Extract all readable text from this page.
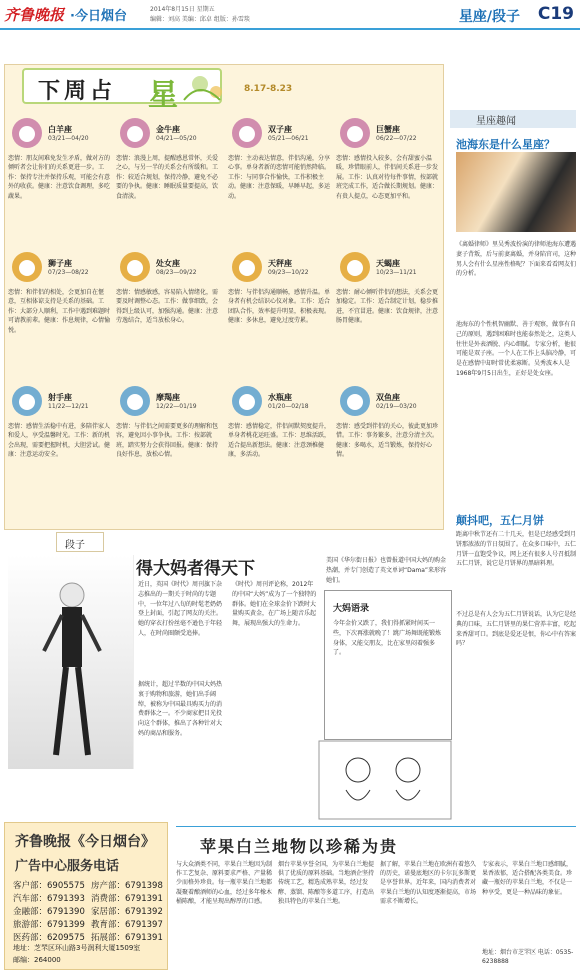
齐鲁晚报 ·今日烟台	2014年8月15日 星期五
编辑：刘高 美编：邱卓 组版：孙雪琰	星座/段子 C19
下周占 星	8.17-8.23
白羊座
03/21—04/20
恋情：朋友间难免发生矛盾，做对方的倾听者会让你们的关系更进一步。工作：保持专注并保持乐观，可能会有意外的收获。健康：注意饮食调理，多吃蔬果。
金牛座
04/21—05/20
恋情：浪漫上周，提醒感恩常怀，关爱之心，与另一半的关系会有所缓和。工作：较适合规划，保持冷静，避免不必要的争执。健康：睡眠质量要提高，饮食清淡。
双子座
05/21—06/21
恋情：主动表达情意，伴侣沟通，分享心事。单身者新的恋情可能悄然降临。工作：与同事合作愉快，工作积极主动。健康：注意保暖，早睡早起，多运动。
巨蟹座
06/22—07/22
恋情：感情投入较多，会有甜蜜小温暖，珍惜眼前人，伴侣间关系进一步发展。工作：认真对待每件事情，按部就班完成工作，适合做长期规划。健康：有贵人提点，心态更加平和。
狮子座
07/23—08/22
恋情：和伴侣的相处，会更加自在惬意，互相体谅支持是关系的基础。工作：大部分人顺利，工作中遇到难题时可请教前辈。健康：作息规律，心情愉悦。
处女座
08/23—09/22
恋情：情感敏感，容易陷入情绪化，需要及时调整心态。工作：做事细致，会得到上级认可，加强沟通。健康：注意劳逸结合，适当放松身心。
天秤座
09/23—10/22
恋情：与伴侣沟通顺畅，感情升温。单身者有机会结识心仪对象。工作：适合团队合作，效率提升明显，积极表现。健康：多休息，避免过度劳累。
天蝎座
10/23—11/21
恋情：耐心倾听伴侣的想法，关系会更加稳定。工作：适合制定计划，稳步推进，不宜冒进。健康：饮食规律，注意肠胃健康。
射手座
11/22—12/21
恋情：感情生活稳中有进，多陪伴家人和爱人，享受温馨时光。工作：新的机会出现，需要把握时机，大胆尝试。健康：注意运动安全。
摩羯座
12/22—01/19
恋情：与伴侣之间需要更多的理解和包容，避免因小事争执。工作：按部就班，踏实努力会获得回报。健康：保持良好作息，放松心情。
水瓶座
01/20—02/18
恋情：感情稳定，伴侣间默契度提升，单身者桃花运旺盛。工作：思维活跃，适合提出新想法。健康：注意颈椎健康，多活动。
双鱼座
02/19—03/20
恋情：感受到伴侣的关心，彼此更加珍惜。工作：事务繁多，注意分清主次。健康：多喝水，适当锻炼，保持好心情。
星座趣闻
池海东是什么星座？
《离婚律师》里吴秀波扮演的律师池海东遭遇妻子背叛，后与前妻离婚，并身陷官司，这种男人会有什么星座性格呢？下面来看看网友们的分析。
池海东的个性机智幽默、善于观察，做事有自己的原则，遇到困难时也能泰然处之，这类人往往是外表洒脱、内心细腻。专家分析，他很可能是双子座。一个人在工作上头脑冷静，可是在感情中却时常优柔寡断。吴秀波本人是1968年9月5日出生，正好是处女座。
颠抖吧，五仁月饼
距离中秋节还有二十几天，但是已经感受到月饼那浓浓的节日氛围了。在众多口味中，五仁月饼一直饱受争议，网上还有很多人号召抵制五仁月饼，说它是月饼界的黑暗料理。
不过总是有人会为五仁月饼说话，认为它是经典的口味，五仁月饼里的果仁营养丰富，吃起来香甜可口。到底是爱还是恨，你心中有答案吗？
段子
得大妈者得天下
近日，英国《时代》周刊旗下杂志推出的一期关于时尚的专题中，一位年过八旬的时髦老奶奶登上封面，引起了网友的关注。她的穿衣打扮丝毫不逊色于年轻人，在时尚圈颇受追捧。
据统计，超过半数的中国大妈热衷于购物和旅游，她们出手阔绰，被称为中国最具购买力的消费群体之一。不少商家把目光投向这个群体，推出了各种针对大妈的商品和服务。
《时代》周刊评论称，2012年的中国“大妈”成为了一个独特的群体。她们在全球金价下跌时大量购买黄金，在广场上随音乐起舞，展现出强大的生命力。
美国《华尔街日报》也曾报道中国大妈的购金热潮，并专门创造了英文单词“Dama”来形容她们。
大妈语录
今年金价又跌了，我们得抓紧时间买一些，下次再涨就晚了！跳广场舞既能锻炼身体，又能交朋友，比在家里闷着强多了。
齐鲁晚报《今日烟台》
广告中心服务电话
客户部：6905575 房产部：6791398
汽车部：6791393 消费部：6791391
金融部：6791390 家居部：6791392
旅游部：6791399 教育部：6791397
医药部：6209575 拓展部：6791391
地址：芝罘区环山路3号润利大厦1509室
邮编：264000
苹果白兰地物以珍稀为贵
与大众酒类不同，苹果白兰地因为制作工艺复杂、原料要求严格、产量稀少而格外珍贵。每一瓶苹果白兰地都凝聚着酿酒师的心血，经过多年橡木桶陈酿，才能呈现出醇厚的口感。
烟台苹果享誉全国，为苹果白兰地提供了优质的原料基础。当地酒企坚持传统工艺，精选成熟苹果，经过发酵、蒸馏、陈酿等多道工序，打造出独具特色的苹果白兰地。
据了解，苹果白兰地在欧洲有着悠久的历史，诺曼底地区的卡尔瓦多斯更是享誉世界。近年来，国内消费者对苹果白兰地的认知度逐渐提高，市场需求不断增长。
专家表示，苹果白兰地口感细腻，果香浓郁，适合搭配各类美食。珍藏一瓶好的苹果白兰地，不仅是一种享受，更是一种品味的象征。
地址：烟台市芝罘区 电话：0535-6238888
